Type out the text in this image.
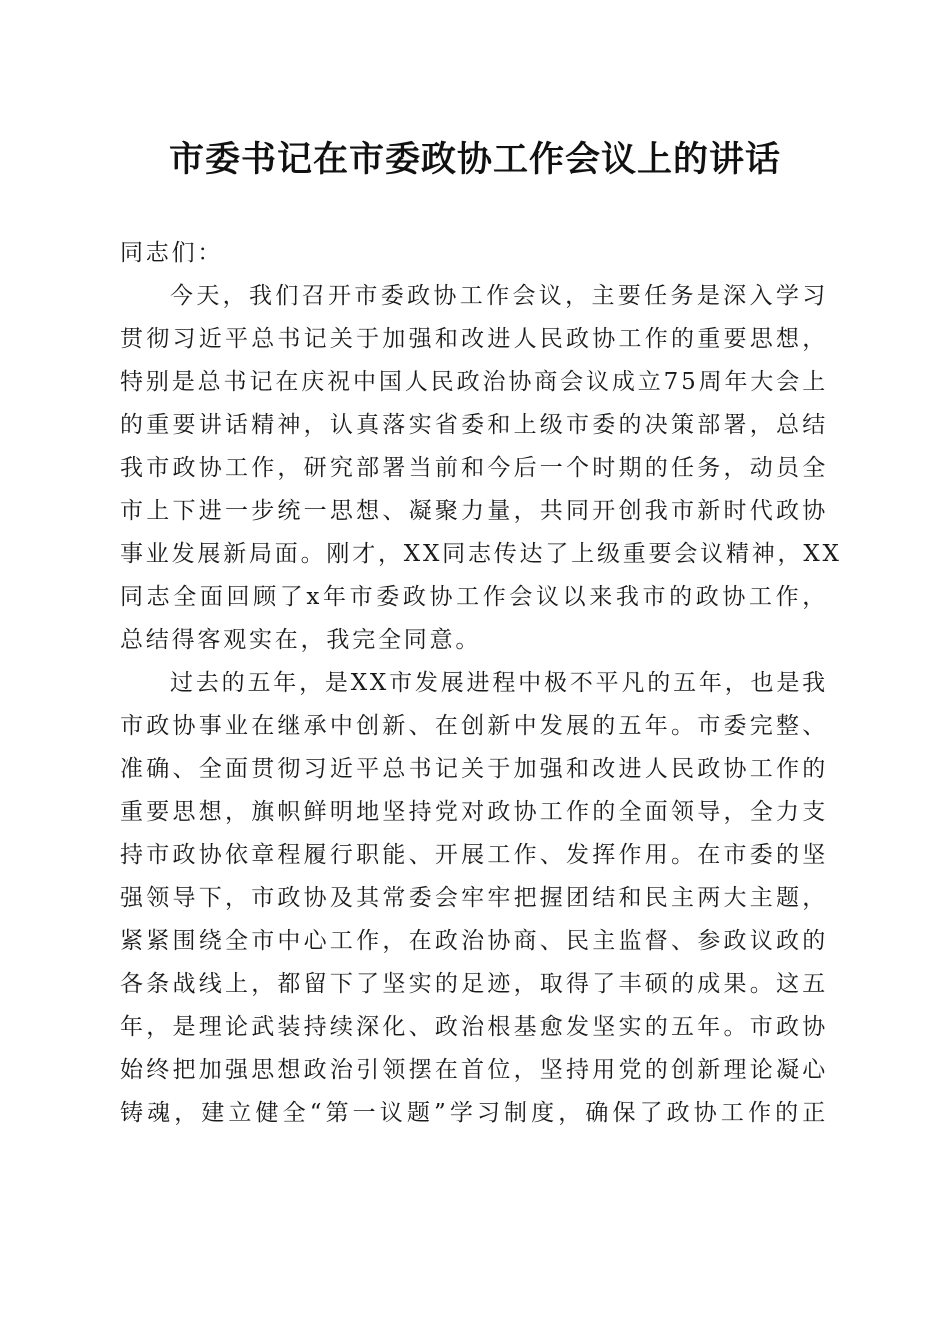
市委书记在市委政协工作会议上的讲话
同志们：
今天，我们召开市委政协工作会议，主要任务是深入学习
贯彻习近平总书记关于加强和改进人民政协工作的重要思想，
特别是总书记在庆祝中国人民政治协商会议成立75周年大会上
的重要讲话精神，认真落实省委和上级市委的决策部署，总结
我市政协工作，研究部署当前和今后一个时期的任务，动员全
市上下进一步统一思想、凝聚力量，共同开创我市新时代政协
事业发展新局面。刚才，XX同志传达了上级重要会议精神，XX
同志全面回顾了x年市委政协工作会议以来我市的政协工作，
总结得客观实在，我完全同意。
过去的五年，是XX市发展进程中极不平凡的五年，也是我
市政协事业在继承中创新、在创新中发展的五年。市委完整、
准确、全面贯彻习近平总书记关于加强和改进人民政协工作的
重要思想，旗帜鲜明地坚持党对政协工作的全面领导，全力支
持市政协依章程履行职能、开展工作、发挥作用。在市委的坚
强领导下，市政协及其常委会牢牢把握团结和民主两大主题，
紧紧围绕全市中心工作，在政治协商、民主监督、参政议政的
各条战线上，都留下了坚实的足迹，取得了丰硕的成果。这五
年，是理论武装持续深化、政治根基愈发坚实的五年。市政协
始终把加强思想政治引领摆在首位，坚持用党的创新理论凝心
铸魂，建立健全“第一议题”学习制度，确保了政协工作的正
